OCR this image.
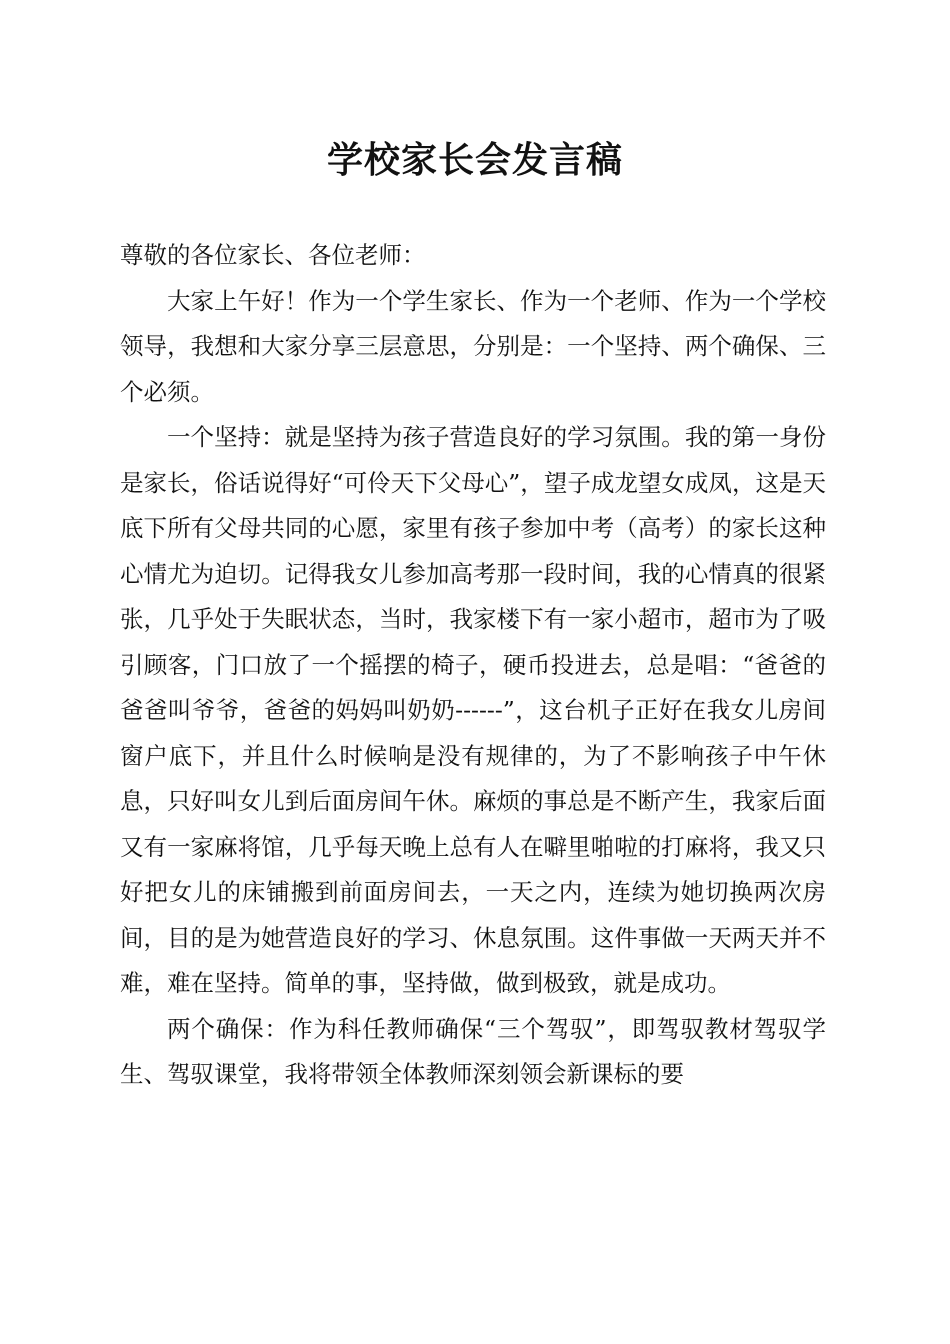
学校家长会发言稿

尊敬的各位家长、各位老师：

大家上午好！作为一个学生家长、作为一个老师、作为一个学校领导，我想和大家分享三层意思，分别是：一个坚持、两个确保、三个必须。

一个坚持：就是坚持为孩子营造良好的学习氛围。我的第一身份是家长，俗话说得好“可伶天下父母心”，望子成龙望女成凤，这是天底下所有父母共同的心愿，家里有孩子参加中考（高考）的家长这种心情尤为迫切。记得我女儿参加高考那一段时间，我的心情真的很紧张，几乎处于失眠状态，当时，我家楼下有一家小超市，超市为了吸引顾客，门口放了一个摇摆的椅子，硬币投进去，总是唱：“爸爸的爸爸叫爷爷，爸爸的妈妈叫奶奶------”，这台机子正好在我女儿房间窗户底下，并且什么时候响是没有规律的，为了不影响孩子中午休息，只好叫女儿到后面房间午休。麻烦的事总是不断产生，我家后面又有一家麻将馆，几乎每天晚上总有人在噼里啪啦的打麻将，我又只好把女儿的床铺搬到前面房间去，一天之内，连续为她切换两次房间，目的是为她营造良好的学习、休息氛围。这件事做一天两天并不难，难在坚持。简单的事，坚持做，做到极致，就是成功。

两个确保：作为科任教师确保“三个驾驭”，即驾驭教材驾驭学生、驾驭课堂，我将带领全体教师深刻领会新课标的要
